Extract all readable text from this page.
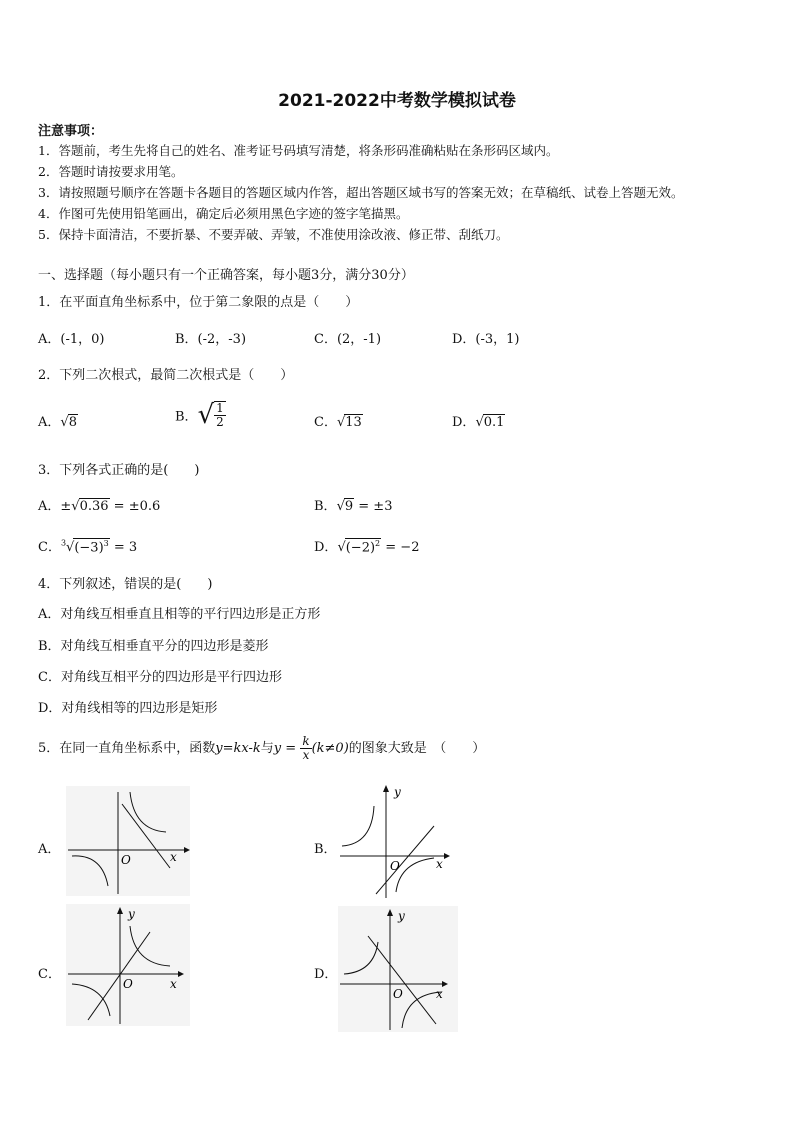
2021-2022中考数学模拟试卷
注意事项：
1．答题前，考生先将自己的姓名、准考证号码填写清楚，将条形码准确粘贴在条形码区域内。
2．答题时请按要求用笔。
3．请按照题号顺序在答题卡各题目的答题区域内作答，超出答题区域书写的答案无效；在草稿纸、试卷上答题无效。
4．作图可先使用铅笔画出，确定后必须用黑色字迹的签字笔描黑。
5．保持卡面清洁，不要折暴、不要弄破、弄皱，不准使用涂改液、修正带、刮纸刀。
一、选择题（每小题只有一个正确答案，每小题3分，满分30分）
1．在平面直角坐标系中，位于第二象限的点是（　　）
A．(-1，0)	B．(-2，-3)	C．(2，-1)	D．(-3，1)
2．下列二次根式，最简二次根式是（　　）
A．√8	B．√ $\frac{1}{2}$	C．√13	D．√0.1
3．下列各式正确的是(　　)
A．±√0.36 = ±0.6	B．√9 = ±3
C．$^3√(-3)^3 = 3$	D．$√(-2)^2 = -2$
4．下列叙述，错误的是(　　)
A．对角线互相垂直且相等的平行四边形是正方形
B．对角线互相垂直平分的四边形是菱形
C．对角线互相平分的四边形是平行四边形
D．对角线相等的四边形是矩形
5．在同一直角坐标系中，函数y=kx-k与$y = \frac{k}{x} (k\ne 0)$的图象大致是　（　　）
A．	B．
C．	D．
O	x
O	x
y
O	x
y
O	x
y
